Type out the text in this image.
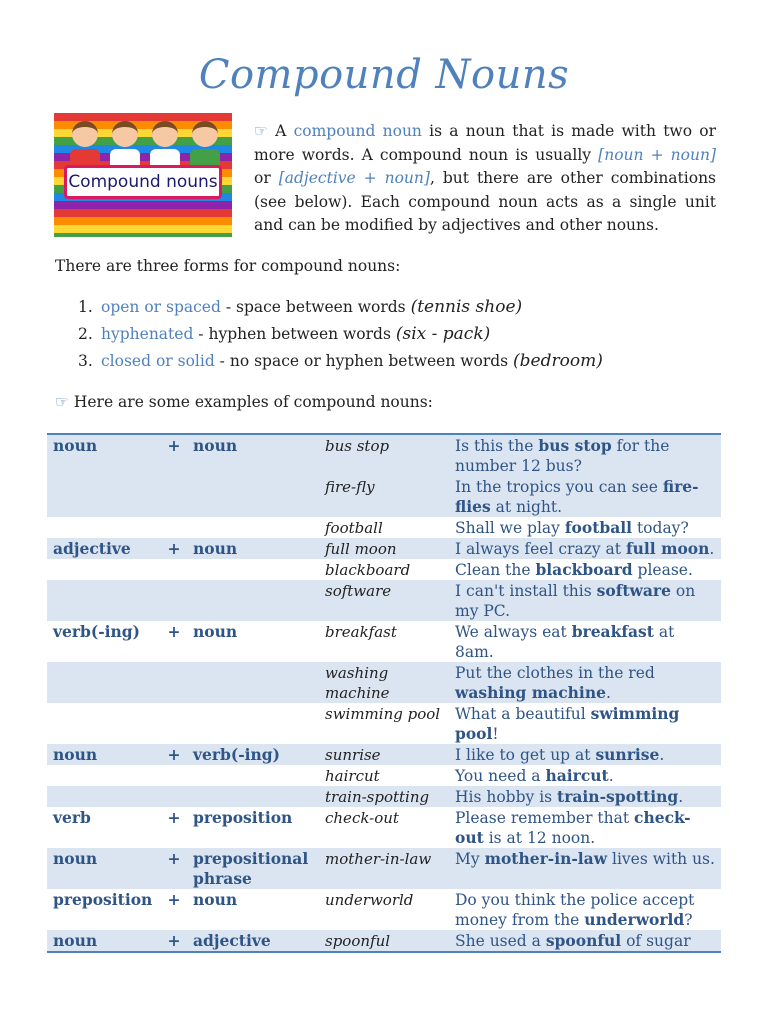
Compound Nouns
Compound nouns
☞ A compound noun is a noun that is made with two or more words. A compound noun is usually [noun + noun] or [adjective + noun], but there are other combinations (see below). Each compound noun acts as a single unit and can be modified by adjectives and other nouns.
There are three forms for compound nouns:
1. open or spaced - space between words (tennis shoe)
2. hyphenated - hyphen between words (six - pack)
3. closed or solid - no space or hyphen between words (bedroom)
☞ Here are some examples of compound nouns:
noun	+	noun	bus stop	Is this the bus stop for the number 12 bus?
			fire-fly	In the tropics you can see fire-flies at night.
			football	Shall we play football today?
adjective	+	noun	full moon	I always feel crazy at full moon.
			blackboard	Clean the blackboard please.
			software	I can't install this software on my PC.
verb(-ing)	+	noun	breakfast	We always eat breakfast at 8am.
			washing machine	Put the clothes in the red washing machine.
			swimming pool	What a beautiful swimming pool!
noun	+	verb(-ing)	sunrise	I like to get up at sunrise.
			haircut	You need a haircut.
			train-spotting	His hobby is train-spotting.
verb	+	preposition	check-out	Please remember that check-out is at 12 noon.
noun	+	prepositional phrase	mother-in-law	My mother-in-law lives with us.
preposition	+	noun	underworld	Do you think the police accept money from the underworld?
noun	+	adjective	spoonful	She used a spoonful of sugar
